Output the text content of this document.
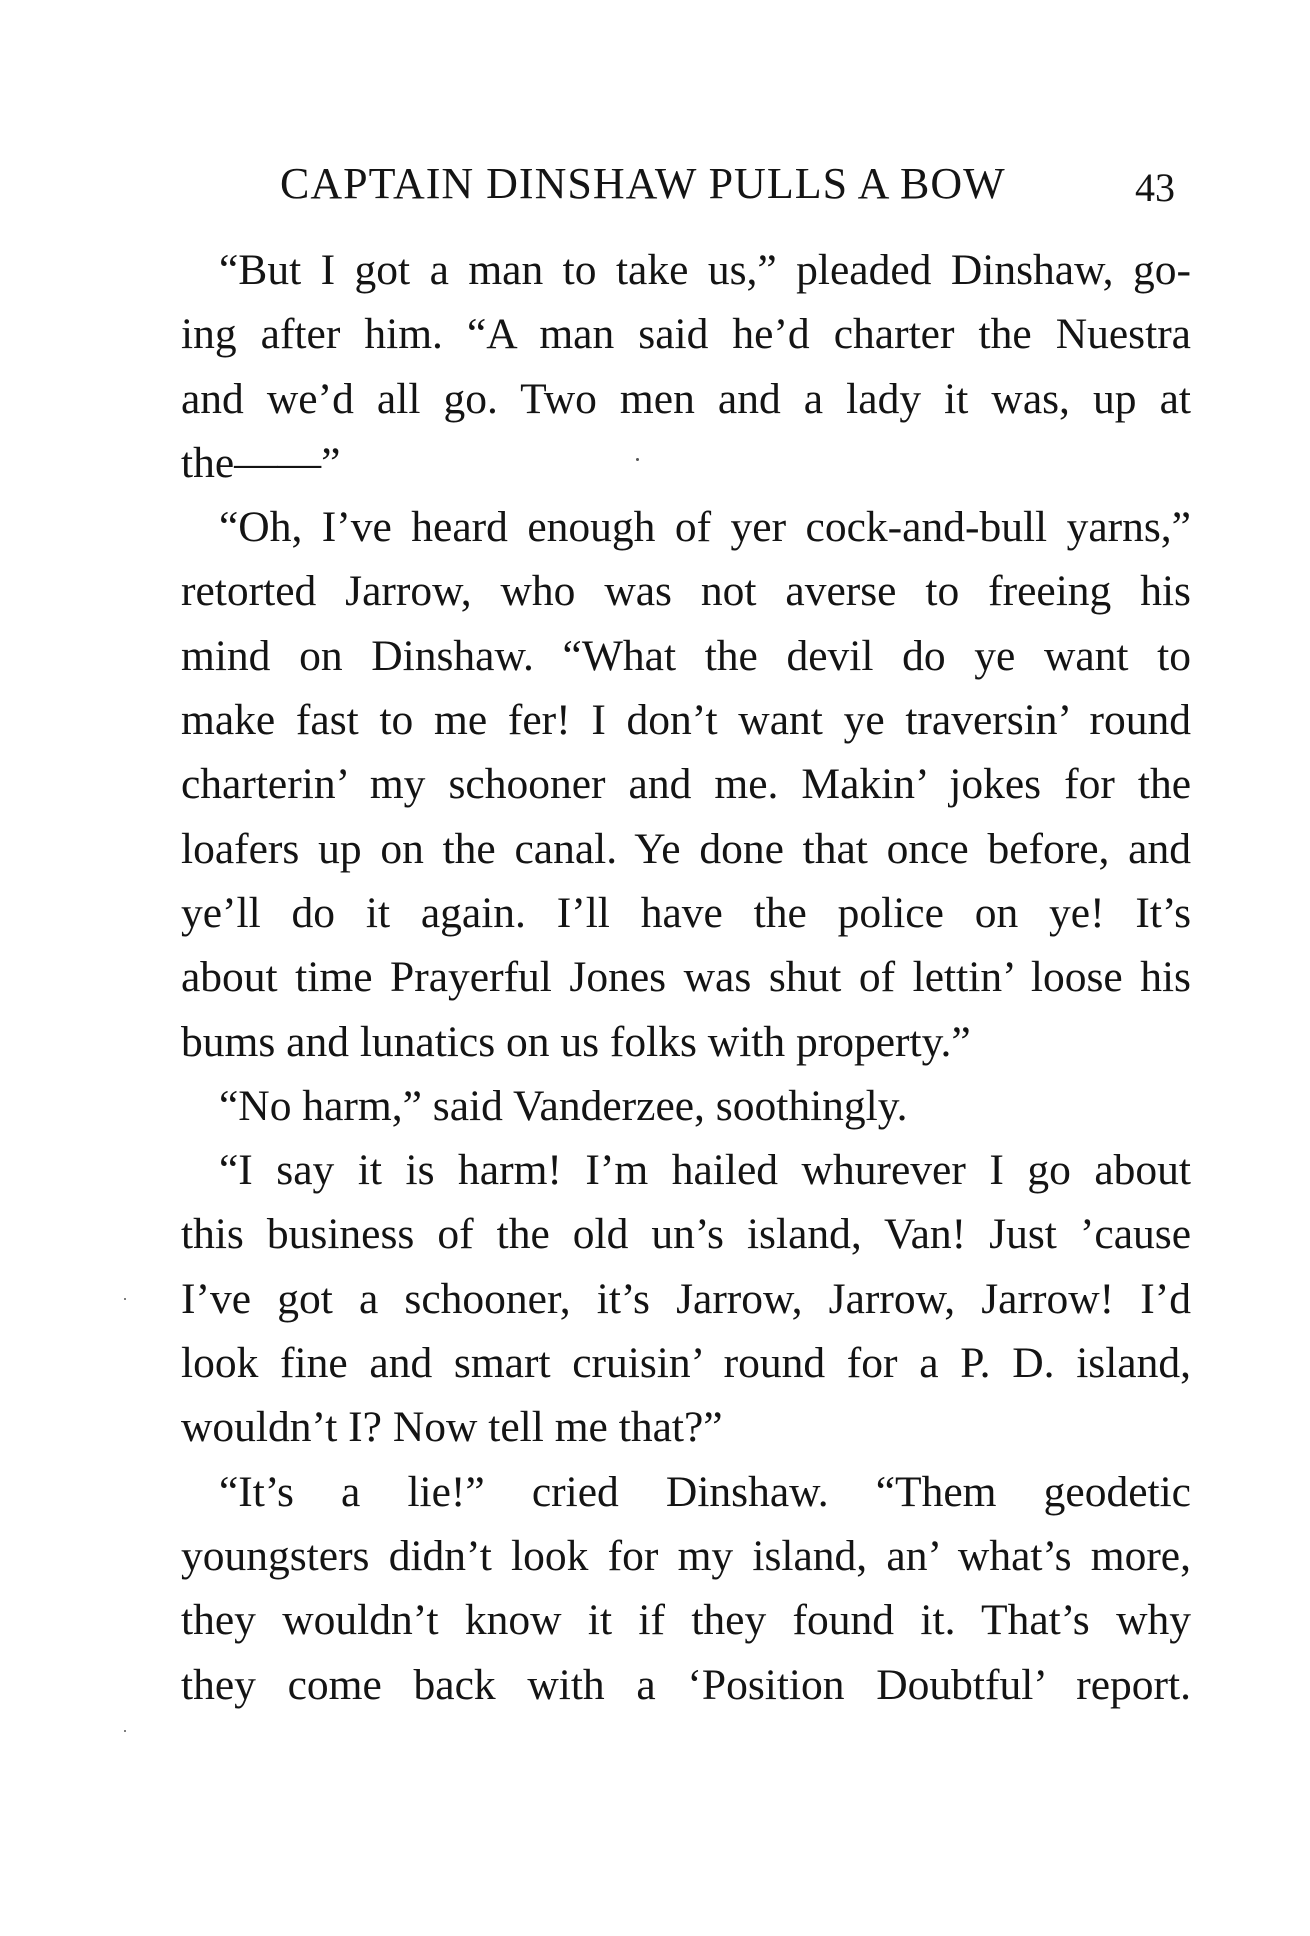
CAPTAIN DINSHAW PULLS A BOW	43
“But I got a man to take us,” pleaded Dinshaw, go-
ing after him. “A man said he’d charter the Nuestra
and we’d all go. Two men and a lady it was, up at
the——”
“Oh, I’ve heard enough of yer cock-and-bull yarns,”
retorted Jarrow, who was not averse to freeing his
mind on Dinshaw. “What the devil do ye want to
make fast to me fer! I don’t want ye traversin’ round
charterin’ my schooner and me. Makin’ jokes for the
loafers up on the canal. Ye done that once before, and
ye’ll do it again. I’ll have the police on ye! It’s
about time Prayerful Jones was shut of lettin’ loose his
bums and lunatics on us folks with property.”
“No harm,” said Vanderzee, soothingly.
“I say it is harm! I’m hailed whurever I go about
this business of the old un’s island, Van! Just ’cause
I’ve got a schooner, it’s Jarrow, Jarrow, Jarrow! I’d
look fine and smart cruisin’ round for a P. D. island,
wouldn’t I? Now tell me that?”
“It’s a lie!” cried Dinshaw. “Them geodetic
youngsters didn’t look for my island, an’ what’s more,
they wouldn’t know it if they found it. That’s why
they come back with a ‘Position Doubtful’ report.
